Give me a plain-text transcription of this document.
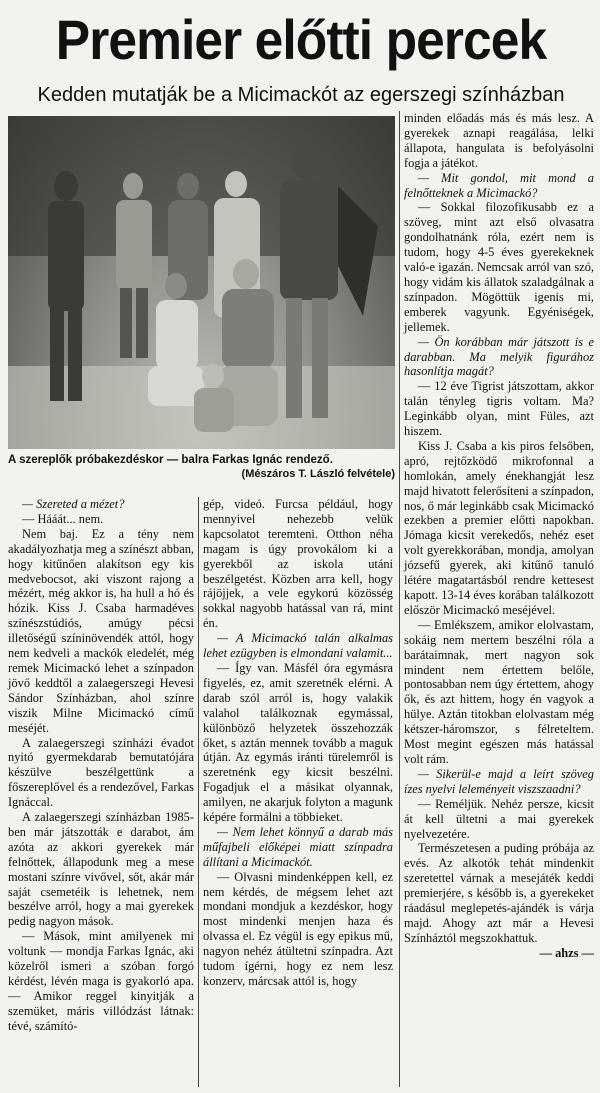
Premier előtti percek
Kedden mutatják be a Micimackót az egerszegi színházban
A szereplők próbakezdéskor — balra Farkas Ignác rendező.
(Mészáros T. László felvétele)

— Szereted a mézet?

— Hááát... nem.

Nem baj. Ez a tény nem akadályozhatja meg a színészt abban, hogy kitűnően alakítson egy kis medvebocsot, aki viszont rajong a mézért, még akkor is, ha hull a hó és hózik. Kiss J. Csaba harmadéves színészstúdiós, amúgy pécsi illetőségű színinövendék attól, hogy nem kedveli a mackók eledelét, még remek Micimackó lehet a színpadon jövő keddtől a zalaegerszegi Hevesi Sándor Színházban, ahol színre viszik Milne Micimackó című meséjét.

A zalaegerszegi színházi évadot nyitó gyermekdarab bemutatójára készülve beszélgettünk a főszereplővel és a rendezővel, Farkas Ignáccal.

A zalaegerszegi színházban 1985-ben már játszották e darabot, ám azóta az akkori gyerekek már felnőttek, állapodunk meg a mese mostani színre vivővel, sőt, akár már saját csemetéik is lehetnek, nem beszélve arról, hogy a mai gyerekek pedig nagyon mások.

— Mások, mint amilyenek mi voltunk — mondja Farkas Ignác, aki közelről ismeri a szóban forgó kérdést, lévén maga is gyakorló apa. — Amikor reggel kinyitják a szemüket, máris villódzást látnak: tévé, számító-

gép, videó. Furcsa például, hogy mennyivel nehezebb velük kapcsolatot teremteni. Otthon néha magam is úgy provokálom ki a gyerekből az iskola utáni beszélgetést. Közben arra kell, hogy rájöjjek, a vele egykorú közösség sokkal nagyobb hatással van rá, mint én.

— A Micimackó talán alkalmas lehet ezügyben is elmondani valamit...

— Így van. Másfél óra egymásra figyelés, ez, amit szeretnék elérni. A darab szól arról is, hogy valakik valahol találkoznak egymással, különböző helyzetek összehozzák őket, s aztán mennek tovább a maguk útján. Az egymás iránti türelemről is szeretnénk egy kicsit beszélni. Fogadjuk el a másikat olyannak, amilyen, ne akarjuk folyton a magunk képére formálni a többieket.

— Nem lehet könnyű a darab más műfajbeli előképei miatt színpadra állítani a Micimackót.

— Olvasni mindenképpen kell, ez nem kérdés, de mégsem lehet azt mondani mondjuk a kezdéskor, hogy most mindenki menjen haza és olvassa el. Ez végül is egy epikus mű, nagyon nehéz átültetni színpadra. Azt tudom ígérni, hogy ez nem lesz konzerv, márcsak attól is, hogy

minden előadás más és más lesz. A gyerekek aznapi reagálása, lelki állapota, hangulata is befolyásolni fogja a játékot.

— Mit gondol, mit mond a felnőtteknek a Micimackó?

— Sokkal filozofikusabb ez a szöveg, mint azt első olvasatra gondolhatnánk róla, ezért nem is tudom, hogy 4-5 éves gyerekeknek való-e igazán. Nemcsak arról van szó, hogy vidám kis állatok szaladgálnak a színpadon. Mögöttük igenis mi, emberek vagyunk. Egyéniségek, jellemek.

— Ön korábban már játszott is e darabban. Ma melyik figurához hasonlítja magát?

— 12 éve Tigrist játszottam, akkor talán tényleg tigris voltam. Ma? Leginkább olyan, mint Füles, azt hiszem.

Kiss J. Csaba a kis piros felsőben, apró, rejtőzködő mikrofonnal a homlokán, amely énekhangját lesz majd hivatott felerősíteni a színpadon, nos, ő már leginkább csak Micimackó ezekben a premier előtti napokban. Jómaga kicsit verekedős, nehéz eset volt gyerekkorában, mondja, amolyan józsefű gyerek, aki kitűnő tanuló létére magatartásból rendre kettesest kapott. 13-14 éves korában találkozott először Micimackó meséjével.

— Emlékszem, amikor elolvastam, sokáig nem mertem beszélni róla a barátaimnak, mert nagyon sok mindent nem értettem belőle, pontosabban nem úgy értettem, ahogy ők, és azt hittem, hogy én vagyok a hülye. Aztán titokban elolvastam még kétszer-háromszor, s félreteltem. Most megint egészen más hatással volt rám.

— Sikerül-e majd a leírt szöveg ízes nyelvi leleményeit viszszaadni?

— Reméljük. Nehéz persze, kicsit át kell ültetni a mai gyerekek nyelvezetére.

Természetesen a puding próbája az evés. Az alkotók tehát mindenkit szeretettel várnak a mesejáték keddi premierjére, s később is, a gyerekeket ráadásul meglepetés-ajándék is várja majd. Ahogy azt már a Hevesi Színháztól megszokhattuk.

— ahzs —
